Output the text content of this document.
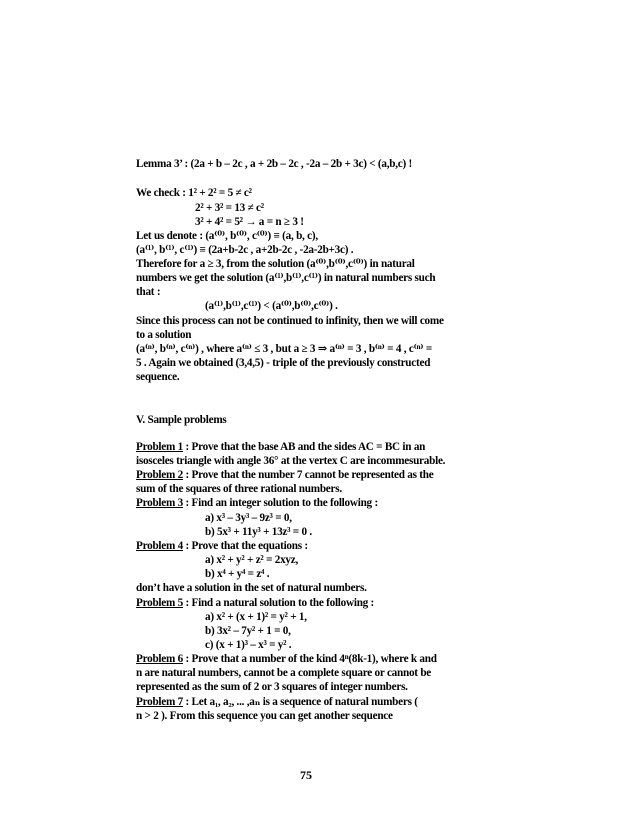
Lemma 3’ : (2a + b – 2c , a + 2b – 2c , -2a – 2b + 3c) < (a,b,c) !
We check : 1² + 2² = 5 ≠ c²
2² + 3² = 13 ≠ c²
3² + 4² = 5² → a = n ≥ 3 !
Let us denote : (a⁽⁰⁾, b⁽⁰⁾, c⁽⁰⁾) ≡ (a, b, c),
(a⁽¹⁾, b⁽¹⁾, c⁽¹⁾) ≡ (2a+b-2c , a+2b-2c , -2a-2b+3c) .
Therefore for a ≥ 3, from the solution (a⁽⁰⁾,b⁽⁰⁾,c⁽⁰⁾) in natural
numbers we get the solution (a⁽¹⁾,b⁽¹⁾,c⁽¹⁾) in natural numbers such
that :
(a⁽¹⁾,b⁽¹⁾,c⁽¹⁾) < (a⁽⁰⁾,b⁽⁰⁾,c⁽⁰⁾) .
Since this process can not be continued to infinity, then we will come
to a solution
(a⁽ⁿ⁾, b⁽ⁿ⁾, c⁽ⁿ⁾) , where a⁽ⁿ⁾ ≤ 3 , but a ≥ 3 ⇒ a⁽ⁿ⁾ = 3 , b⁽ⁿ⁾ = 4 , c⁽ⁿ⁾ =
5 . Again we obtained (3,4,5) - triple of the previously constructed
sequence.
V. Sample problems
Problem 1 : Prove that the base AB and the sides AC = BC in an
isosceles triangle with angle 36° at the vertex C are incommesurable.
Problem 2 : Prove that the number 7 cannot be represented as the
sum of the squares of three rational numbers.
Problem 3 : Find an integer solution to the following :
a) x³ – 3y³ – 9z³ = 0,
b) 5x³ + 11y³ + 13z³ = 0 .
Problem 4 : Prove that the equations :
a) x² + y² + z² = 2xyz,
b) x⁴ + y⁴ = z⁴ .
don’t have a solution in the set of natural numbers.
Problem 5 : Find a natural solution to the following :
a) x² + (x + 1)² = y² + 1,
b) 3x² – 7y² + 1 = 0,
c) (x + 1)³ – x³ = y² .
Problem 6 : Prove that a number of the kind 4ⁿ(8k-1), where k and
n are natural numbers, cannot be a complete square or cannot be
represented as the sum of 2 or 3 squares of integer numbers.
Problem 7 : Let a₁, a₂, ... ,aₙ is a sequence of natural numbers (
n > 2 ). From this sequence you can get another sequence
75
